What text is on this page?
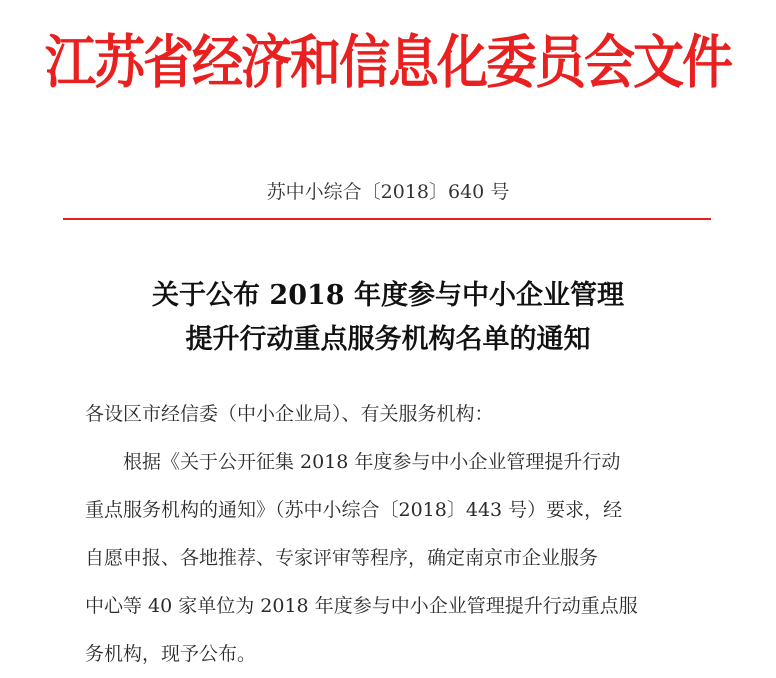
江苏省经济和信息化委员会文件
苏中小综合〔2018〕640 号
关于公布 2018 年度参与中小企业管理
提升行动重点服务机构名单的通知

各设区市经信委（中小企业局）、有关服务机构：

根据《关于公开征集 2018 年度参与中小企业管理提升行动

重点服务机构的通知》（苏中小综合〔2018〕443 号）要求，经

自愿申报、各地推荐、专家评审等程序，确定南京市企业服务

中心等 40 家单位为 2018 年度参与中小企业管理提升行动重点服

务机构，现予公布。
